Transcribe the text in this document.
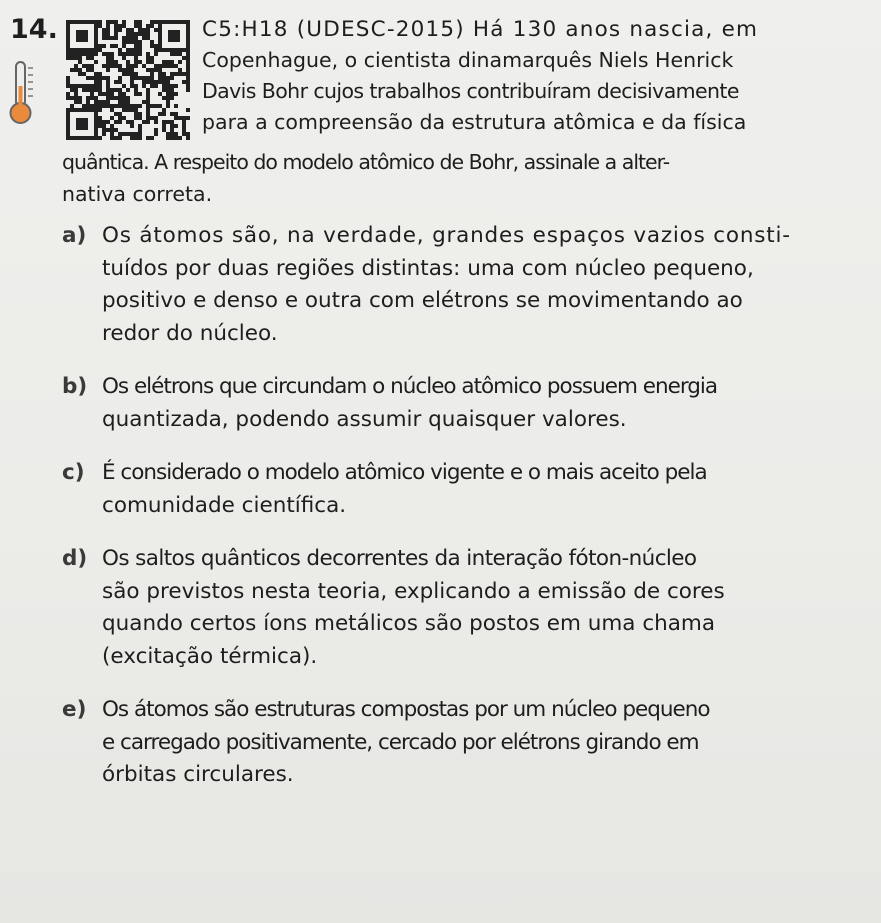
14.	C5:H18 (UDESC-2015) Há 130 anos nascia, em
Copenhague, o cientista dinamarquês Niels Henrick
Davis Bohr cujos trabalhos contribuíram decisivamente
para a compreensão da estrutura atômica e da física
quântica. A respeito do modelo atômico de Bohr, assinale a alter-
nativa correta.
a) Os átomos são, na verdade, grandes espaços vazios consti-
tuídos por duas regiões distintas: uma com núcleo pequeno,
positivo e denso e outra com elétrons se movimentando ao
redor do núcleo.
b) Os elétrons que circundam o núcleo atômico possuem energia
quantizada, podendo assumir quaisquer valores.
c) É considerado o modelo atômico vigente e o mais aceito pela
comunidade científica.
d) Os saltos quânticos decorrentes da interação fóton-núcleo
são previstos nesta teoria, explicando a emissão de cores
quando certos íons metálicos são postos em uma chama
(excitação térmica).
e) Os átomos são estruturas compostas por um núcleo pequeno
e carregado positivamente, cercado por elétrons girando em
órbitas circulares.
